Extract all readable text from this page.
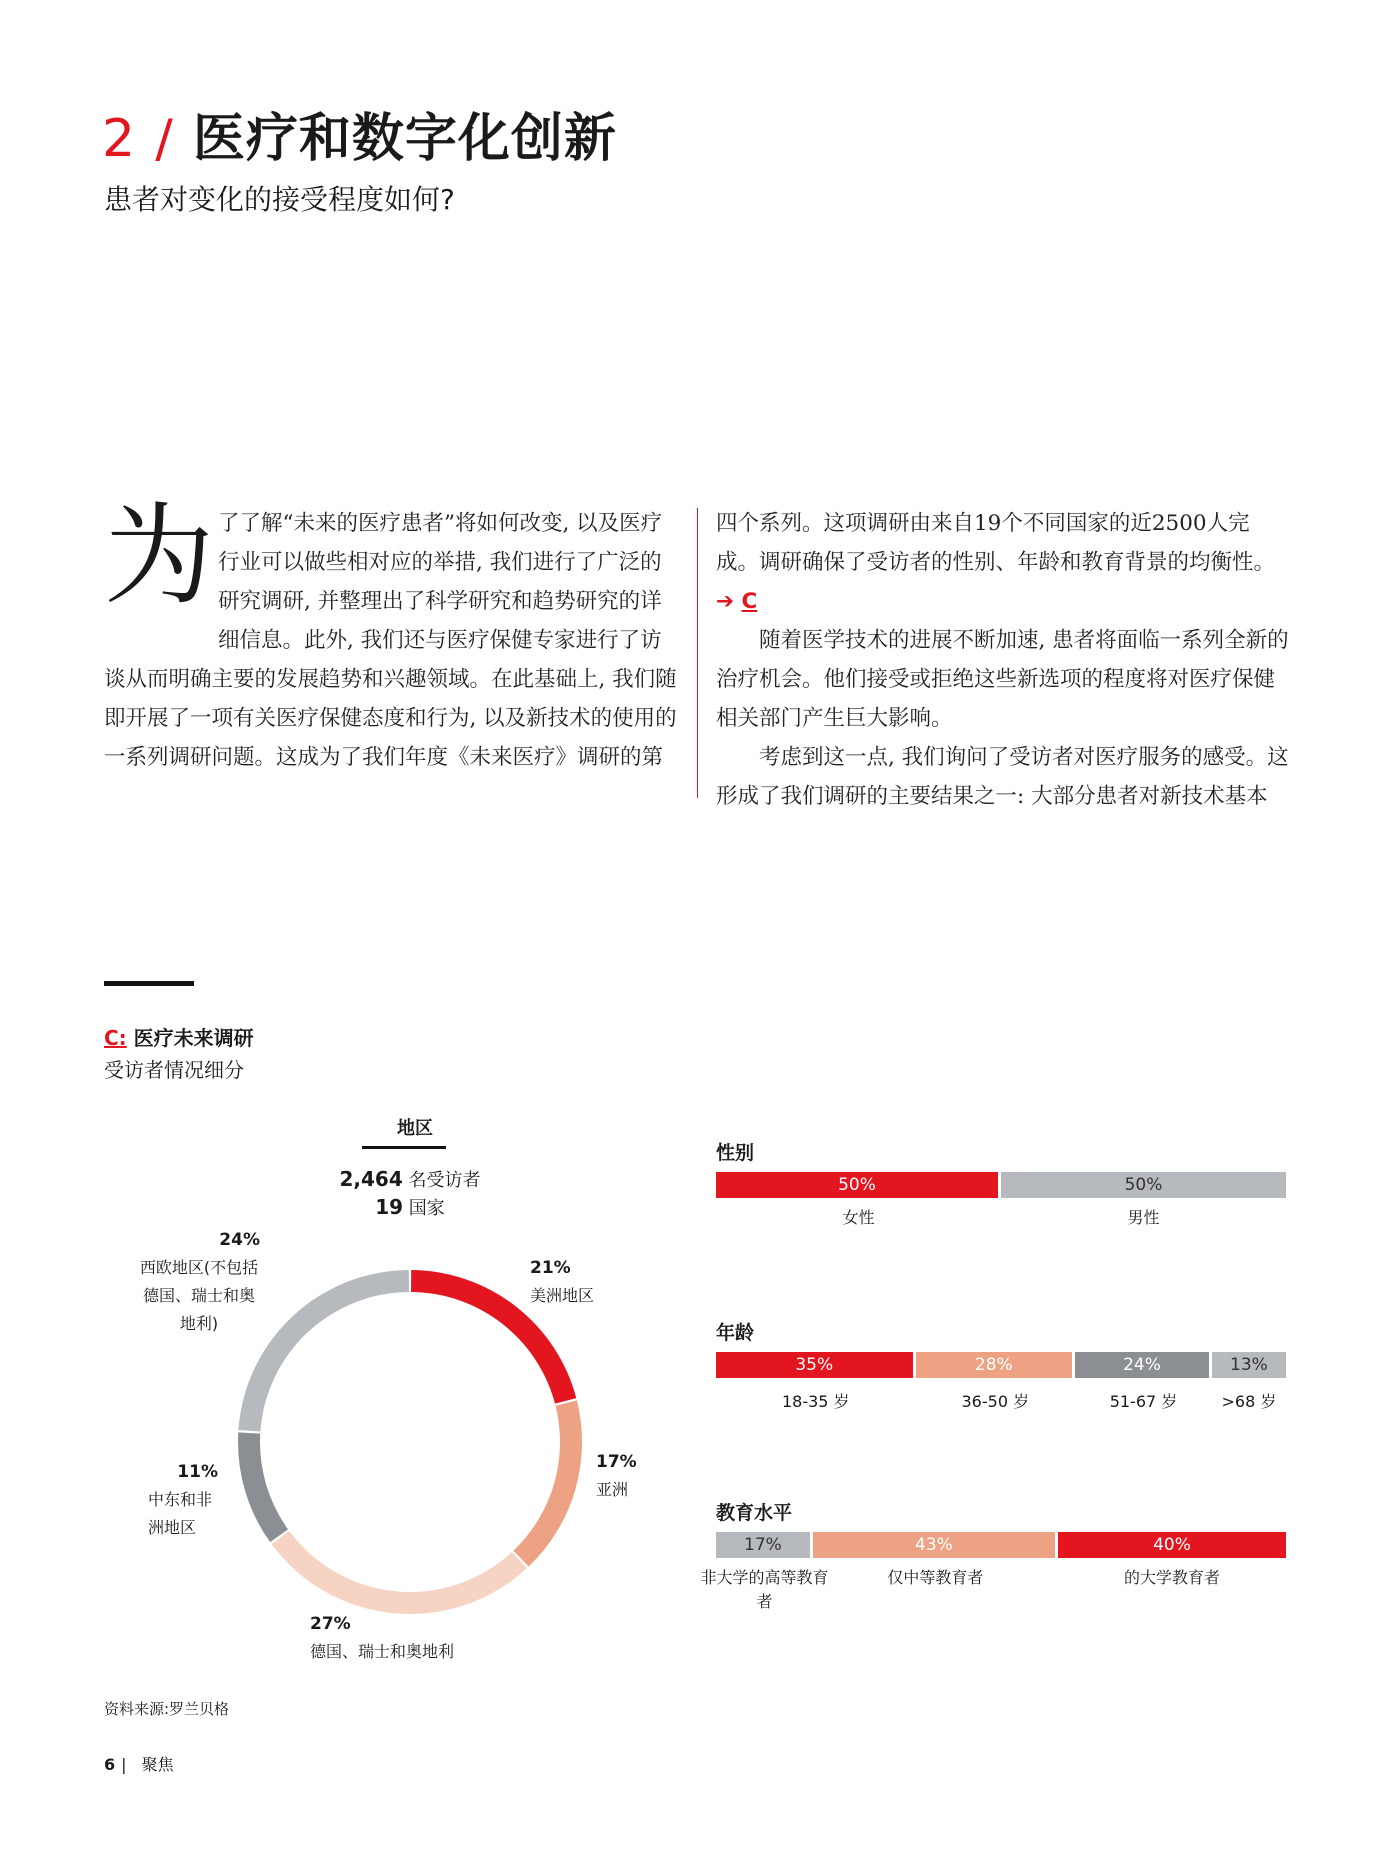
2 / 医疗和数字化创新
患者对变化的接受程度如何?
为 了了解“未来的医疗患者”将如何改变, 以及医疗行业可以做些相对应的举措, 我们进行了广泛的研究调研, 并整理出了科学研究和趋势研究的详细信息。此外, 我们还与医疗保健专家进行了访谈从而明确主要的发展趋势和兴趣领域。在此基础上, 我们随即开展了一项有关医疗保健态度和行为, 以及新技术的使用的一系列调研问题。这成为了我们年度《未来医疗》调研的第

四个系列。这项调研由来自19个不同国家的近2500人完成。调研确保了受访者的性别、年龄和教育背景的均衡性。 ➔ C

随着医学技术的进展不断加速, 患者将面临一系列全新的治疗机会。他们接受或拒绝这些新选项的程度将对医疗保健相关部门产生巨大影响。

考虑到这一点, 我们询问了受访者对医疗服务的感受。这形成了我们调研的主要结果之一: 大部分患者对新技术基本

C: 医疗未来调研
受访者情况细分
地区
2,464 名受访者
19 国家
21%
美洲地区
17%
亚洲
27%
德国、瑞士和奥地利
11%
中东和非洲地区
24%
西欧地区(不包括德国、瑞士和奥地利)
性别
50%	50%
女性	男性
年龄
35%	28%	24%	13%
18-35 岁	36-50 岁	51-67 岁	>68 岁
教育水平
17%	43%	40%
非大学的高等教育者
仅中等教育者	的大学教育者
资料来源:罗兰贝格
6 | 聚焦
